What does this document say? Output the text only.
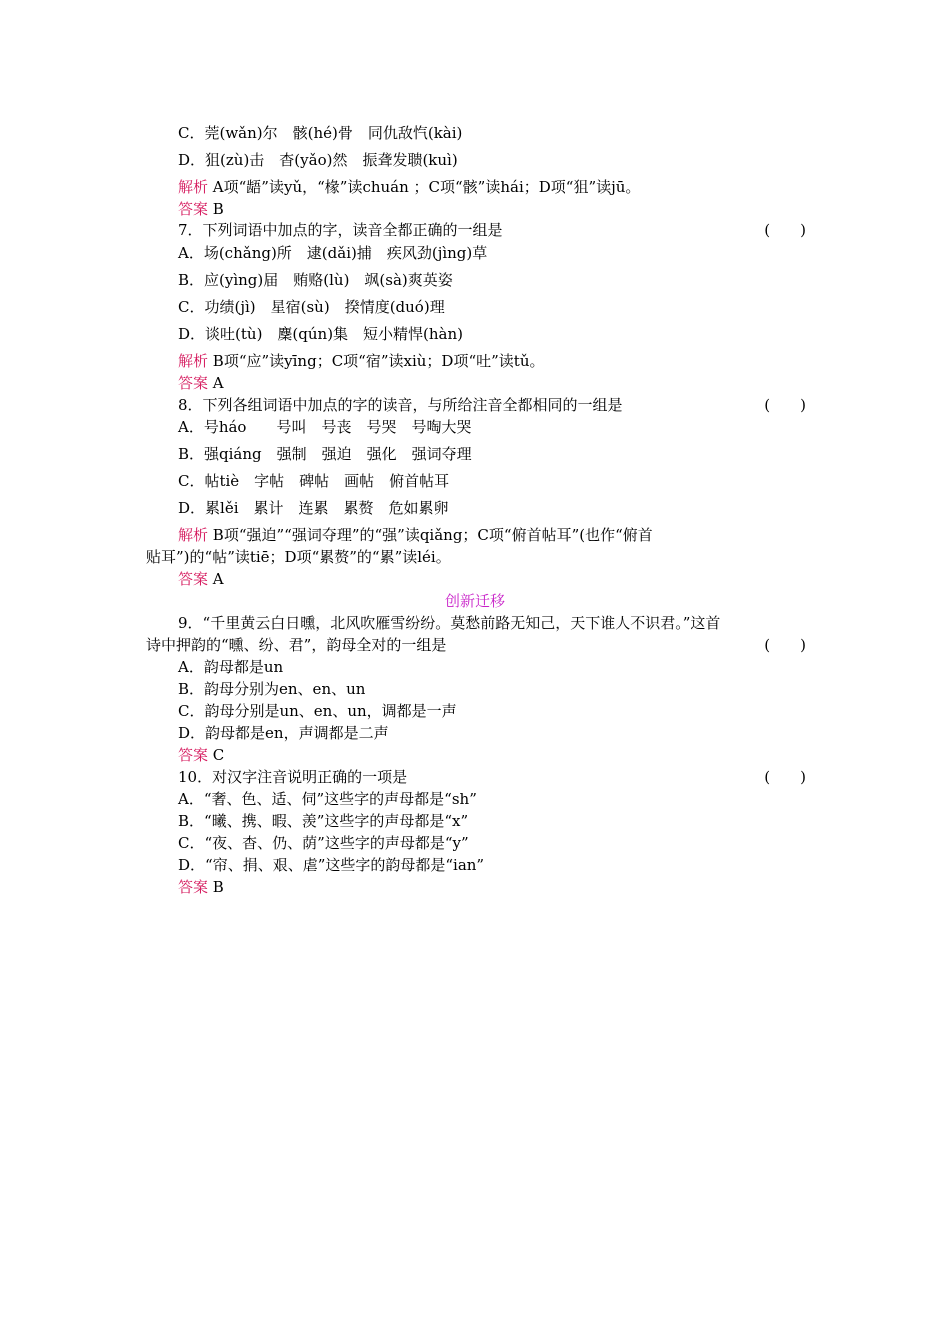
C．莞(wǎn)尔　骸(hé)骨　同仇敌忾(kài)
D．狙(zù)击　杳(yǎo)然　振聋发聩(kuì)
解析 A项“龉”读yǔ，“椽”读chuán ；C项“骸”读hái；D项“狙”读jū。
答案 B
7．下列词语中加点的字，读音全都正确的一组是	(　　)
A．场(chǎng)所　逮(dǎi)捕　疾风劲(jìng)草
B．应(yìng)届　贿赂(lù)　飒(sà)爽英姿
C．功绩(jì)　星宿(sù)　揆情度(duó)理
D．谈吐(tù)　麇(qún)集　短小精悍(hàn)
解析 B项“应”读yīng；C项“宿”读xiù；D项“吐”读tǔ。
答案 A
8．下列各组词语中加点的字的读音，与所给注音全都相同的一组是	(　　)
A．号háo　　号叫　号丧　号哭　号啕大哭
B．强qiáng　强制　强迫　强化　强词夺理
C．帖tiè　字帖　碑帖　画帖　俯首帖耳
D．累lěi　累计　连累　累赘　危如累卵
解析 B项“强迫”“强词夺理”的“强”读qiǎng；C项“俯首帖耳”(也作“俯首
贴耳”)的“帖”读tiē；D项“累赘”的“累”读léi。
答案 A
创新迁移
9．“千里黄云白日曛，北风吹雁雪纷纷。莫愁前路无知己，天下谁人不识君。”这首
诗中押韵的“曛、纷、君”，韵母全对的一组是	(　　)
A．韵母都是un
B．韵母分别为en、en、un
C．韵母分别是un、en、un，调都是一声
D．韵母都是en，声调都是二声
答案 C
10．对汉字注音说明正确的一项是	(　　)
A．“奢、色、适、伺”这些字的声母都是“sh”
B．“曦、携、暇、羡”这些字的声母都是“x”
C．“夜、杳、仍、荫”这些字的声母都是“y”
D．“帘、捐、艰、虐”这些字的韵母都是“ian”
答案 B
